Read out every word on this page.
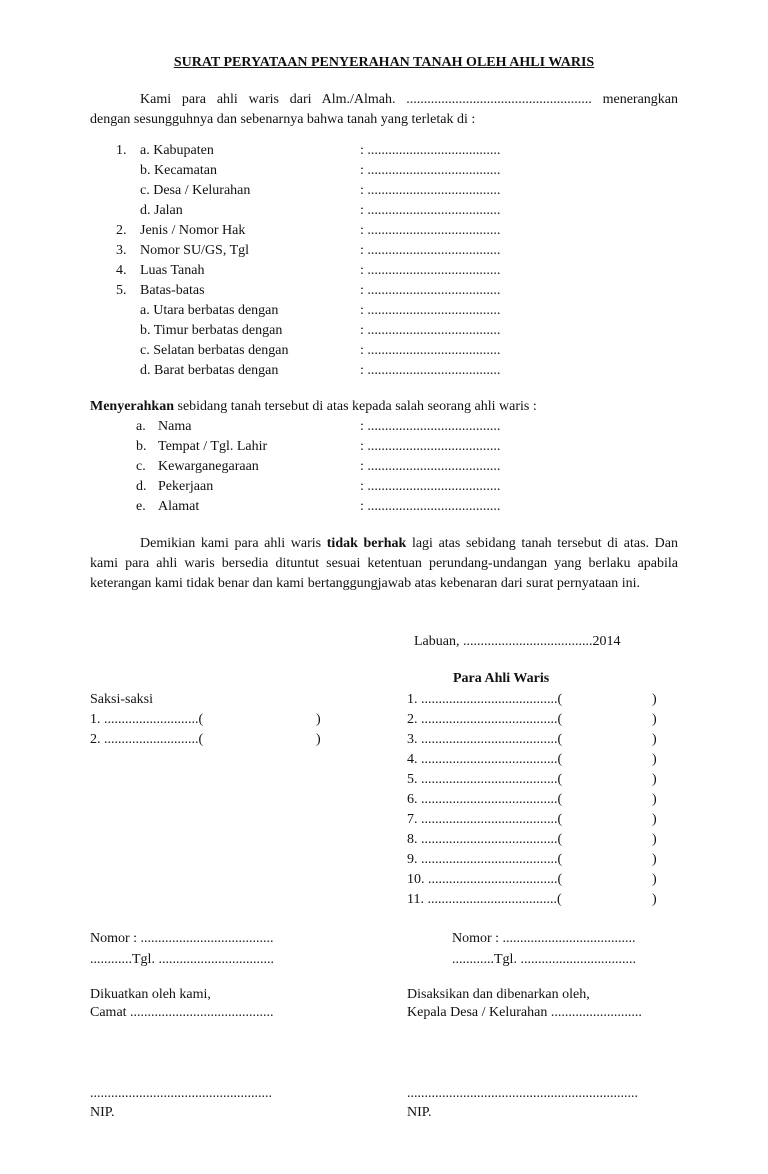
SURAT PERYATAAN PENYERAHAN TANAH OLEH AHLI WARIS
Kami para ahli waris dari Alm./Almah. ..................................................... menerangkan
dengan sesungguhnya dan sebenarnya bahwa tanah yang terletak di :
1. a. Kabupaten	: ......................................
b. Kecamatan	: ......................................
c. Desa / Kelurahan	: ......................................
d. Jalan	: ......................................
2. Jenis / Nomor Hak	: ......................................
3. Nomor SU/GS, Tgl	: ......................................
4. Luas Tanah	: ......................................
5. Batas-batas	: ......................................
a. Utara berbatas dengan	: ......................................
b. Timur berbatas dengan	: ......................................
c. Selatan berbatas dengan	: ......................................
d. Barat berbatas dengan	: ......................................
Menyerahkan sebidang tanah tersebut di atas kepada salah seorang ahli waris :
a. Nama	: ......................................
b. Tempat / Tgl. Lahir	: ......................................
c. Kewarganegaraan	: ......................................
d. Pekerjaan	: ......................................
e. Alamat	: ......................................
Demikian kami para ahli waris tidak berhak lagi atas sebidang tanah tersebut di atas. Dan kami para ahli waris bersedia dituntut sesuai ketentuan perundang-undangan yang berlaku apabila keterangan kami tidak benar dan kami bertanggungjawab atas kebenaran dari surat pernyataan ini.
Labuan, .....................................2014
Para Ahli Waris
Saksi-saksi
1. ...........................(	)
2. ...........................(	)
1. .......................................(	)
2. .......................................(	)
3. .......................................(	)
4. .......................................(	)
5. .......................................(	)
6. .......................................(	)
7. .......................................(	)
8. .......................................(	)
9. .......................................(	)
10. .....................................(	)
11. .....................................(	)
Nomor : ......................................
............Tgl. .................................
Nomor : ......................................
............Tgl. .................................
Dikuatkan oleh kami,
Camat .........................................
Disaksikan dan dibenarkan oleh,
Kepala Desa / Kelurahan ..........................
....................................................
NIP.
..................................................................
NIP.
